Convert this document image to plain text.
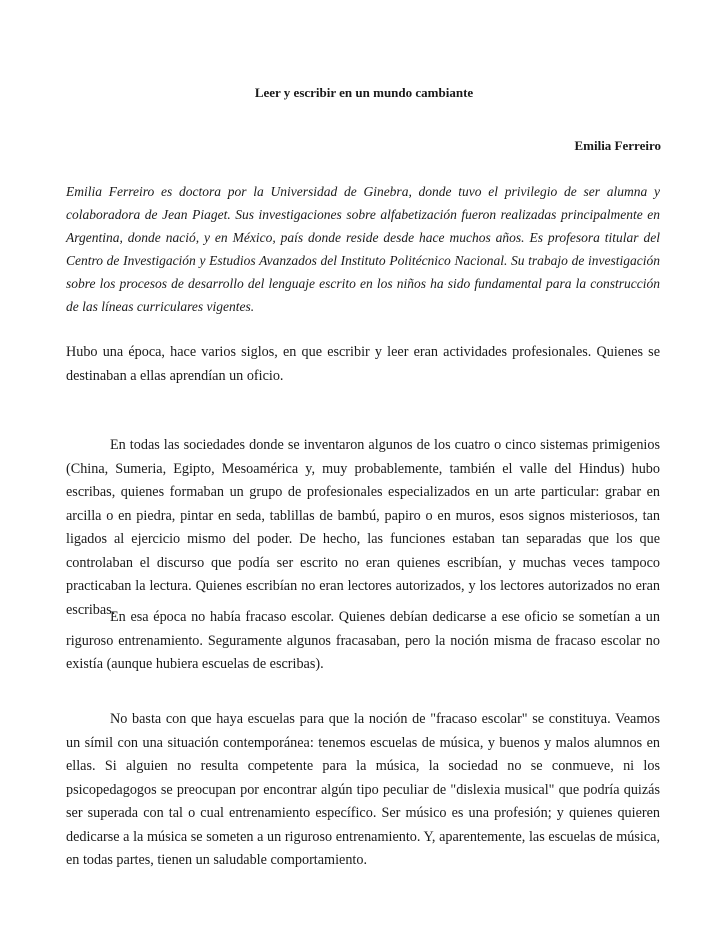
Leer y escribir en un mundo cambiante

Emilia Ferreiro

Emilia Ferreiro es doctora por la Universidad de Ginebra, donde tuvo el privilegio de ser alumna y colaboradora de Jean Piaget. Sus investigaciones sobre alfabetización fueron realizadas principalmente en Argentina, donde nació, y en México, país donde reside desde hace muchos años. Es profesora titular del Centro de Investigación y Estudios Avanzados del Instituto Politécnico Nacional. Su trabajo de investigación sobre los procesos de desarrollo del lenguaje escrito en los niños ha sido fundamental para la construcción de las líneas curriculares vigentes.

Hubo una época, hace varios siglos, en que escribir y leer eran actividades profesionales. Quienes se destinaban a ellas aprendían un oficio.

En todas las sociedades donde se inventaron algunos de los cuatro o cinco sistemas primigenios (China, Sumeria, Egipto, Mesoamérica y, muy probablemente, también el valle del Hindus) hubo escribas, quienes formaban un grupo de profesionales especializados en un arte particular: grabar en arcilla o en piedra, pintar en seda, tablillas de bambú, papiro o en muros, esos signos misteriosos, tan ligados al ejercicio mismo del poder. De hecho, las funciones estaban tan separadas que los que controlaban el discurso que podía ser escrito no eran quienes escribían, y muchas veces tampoco practicaban la lectura. Quienes escribían no eran lectores autorizados, y los lectores autorizados no eran escribas.

En esa época no había fracaso escolar. Quienes debían dedicarse a ese oficio se sometían a un riguroso entrenamiento. Seguramente algunos fracasaban, pero la noción misma de fracaso escolar no existía (aunque hubiera escuelas de escribas).

No basta con que haya escuelas para que la noción de "fracaso escolar" se constituya. Veamos un símil con una situación contemporánea: tenemos escuelas de música, y buenos y malos alumnos en ellas. Si alguien no resulta competente para la música, la sociedad no se conmueve, ni los psicopedagogos se preocupan por encontrar algún tipo peculiar de "dislexia musical" que podría quizás ser superada con tal o cual entrenamiento específico. Ser músico es una profesión; y quienes quieren dedicarse a la música se someten a un riguroso entrenamiento. Y, aparentemente, las escuelas de música, en todas partes, tienen un saludable comportamiento.
